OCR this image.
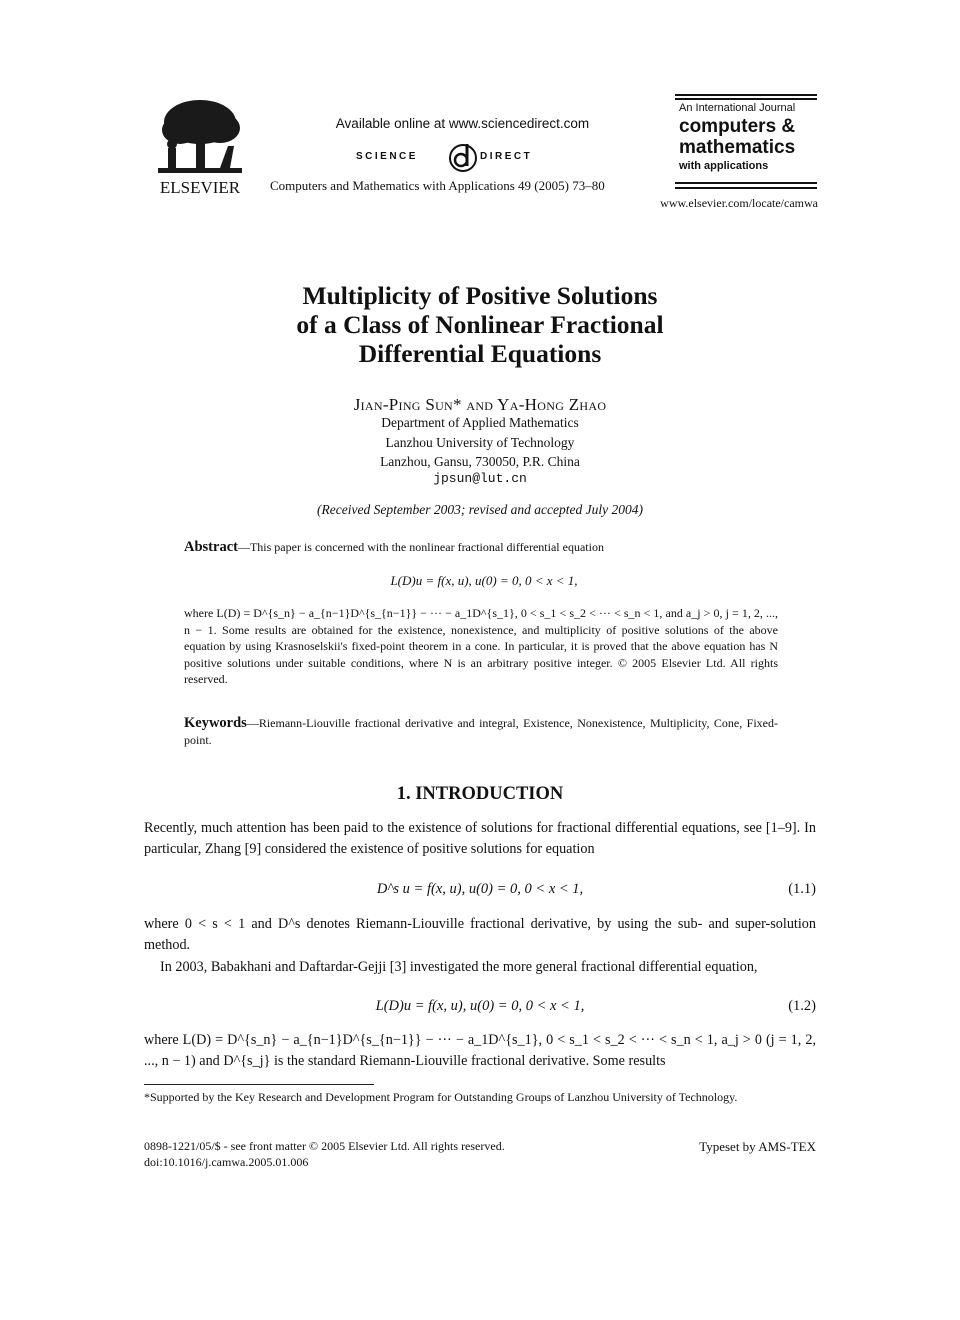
ELSEVIER
Available online at www.sciencedirect.com
SCIENCE	DIRECT
Computers and Mathematics with Applications 49 (2005) 73–80
An International Journal
computers &
mathematics
with applications
www.elsevier.com/locate/camwa
Multiplicity of Positive Solutions
of a Class of Nonlinear Fractional
Differential Equations
Jian-Ping Sun* and Ya-Hong Zhao
Department of Applied Mathematics
Lanzhou University of Technology
Lanzhou, Gansu, 730050, P.R. China
jpsun@lut.cn
(Received September 2003; revised and accepted July 2004)
Abstract—This paper is concerned with the nonlinear fractional differential equation
L(D)u = f(x, u), u(0) = 0, 0 < x < 1,
where L(D) = D^{s_n} − a_{n−1}D^{s_{n−1}} − ··· − a_1D^{s_1}, 0 < s_1 < s_2 < ··· < s_n < 1, and a_j > 0, j = 1, 2, ..., n − 1. Some results are obtained for the existence, nonexistence, and multiplicity of positive solutions of the above equation by using Krasnoselskii's fixed-point theorem in a cone. In particular, it is proved that the above equation has N positive solutions under suitable conditions, where N is an arbitrary positive integer. © 2005 Elsevier Ltd. All rights reserved.
Keywords—Riemann-Liouville fractional derivative and integral, Existence, Nonexistence, Multiplicity, Cone, Fixed-point.
1. INTRODUCTION
Recently, much attention has been paid to the existence of solutions for fractional differential equations, see [1–9]. In particular, Zhang [9] considered the existence of positive solutions for equation
D^s u = f(x, u), u(0) = 0, 0 < x < 1,	(1.1)
where 0 < s < 1 and D^s denotes Riemann-Liouville fractional derivative, by using the sub- and super-solution method.
In 2003, Babakhani and Daftardar-Gejji [3] investigated the more general fractional differential equation,
L(D)u = f(x, u), u(0) = 0, 0 < x < 1,	(1.2)
where L(D) = D^{s_n} − a_{n−1}D^{s_{n−1}} − ··· − a_1D^{s_1}, 0 < s_1 < s_2 < ··· < s_n < 1, a_j > 0 (j = 1, 2, ..., n − 1) and D^{s_j} is the standard Riemann-Liouville fractional derivative. Some results
*Supported by the Key Research and Development Program for Outstanding Groups of Lanzhou University of Technology.
0898-1221/05/$ - see front matter © 2005 Elsevier Ltd. All rights reserved.
doi:10.1016/j.camwa.2005.01.006
Typeset by AMS-TEX
